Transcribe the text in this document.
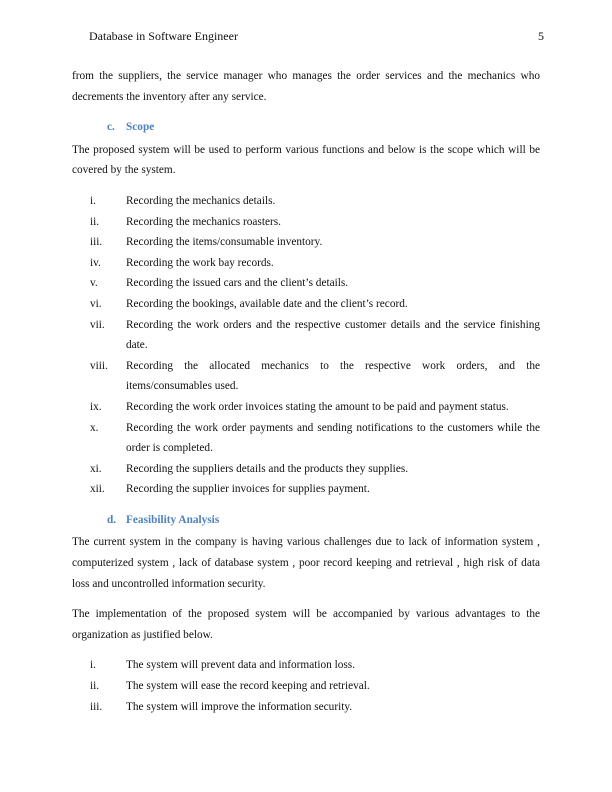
Database in Software Engineer	5

from the suppliers, the service manager who manages the order services and the mechanics who decrements the inventory after any service.

c. Scope

The proposed system will be used to perform various functions and below is the scope which will be covered by the system.

i.	Recording the mechanics details.
ii. Recording the mechanics roasters.
iii. Recording the items/consumable inventory.
iv. Recording the work bay records.
v.	Recording the issued cars and the client’s details.
vi. Recording the bookings, available date and the client’s record.
vii. Recording the work orders and the respective customer details and the service finishing date.
viii. Recording the allocated mechanics to the respective work orders, and the items/consumables used.
ix. Recording the work order invoices stating the amount to be paid and payment status.
x. Recording the work order payments and sending notifications to the customers while the order is completed.
xi. Recording the suppliers details and the products they supplies.
xii. Recording the supplier invoices for supplies payment.
d. Feasibility Analysis

The current system in the company is having various challenges due to lack of information system , computerized system , lack of database system , poor record keeping and retrieval , high risk of data loss and uncontrolled information security.

The implementation of the proposed system will be accompanied by various advantages to the organization as justified below.

i.	The system will prevent data and information loss.
ii. The system will ease the record keeping and retrieval.
iii. The system will improve the information security.
